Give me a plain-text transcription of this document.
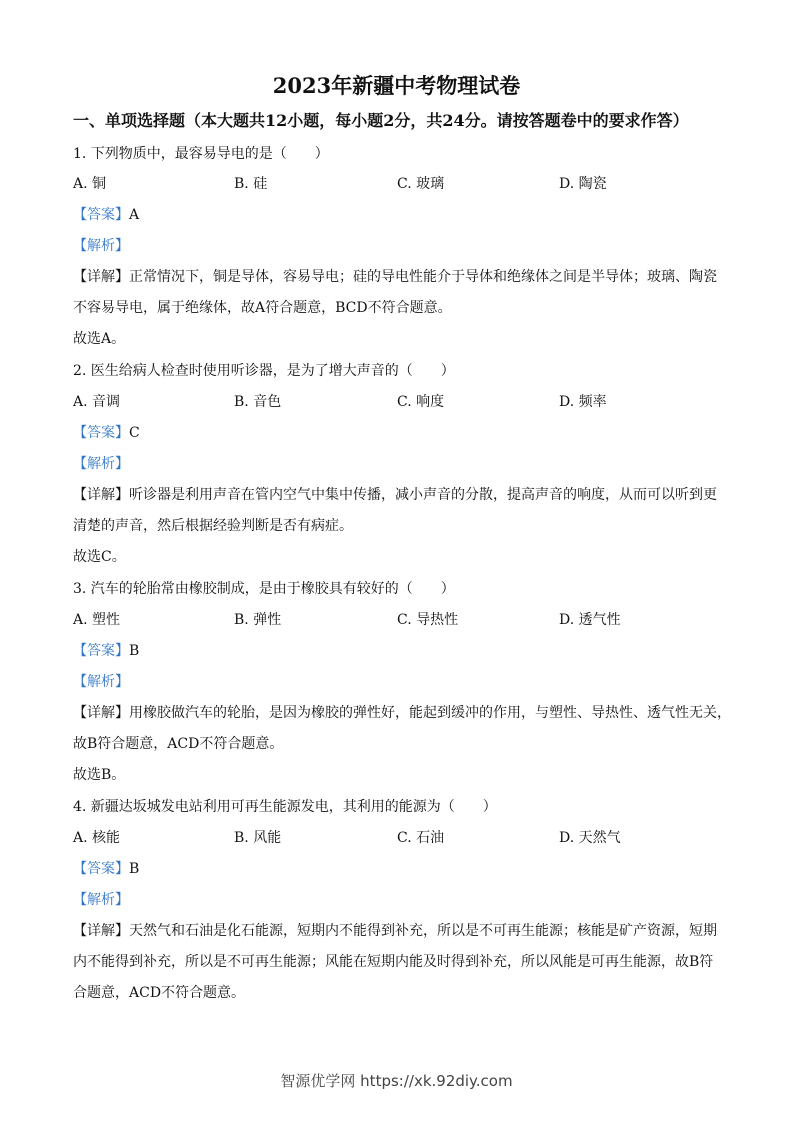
2023年新疆中考物理试卷
一、单项选择题（本大题共12小题，每小题2分，共24分。请按答题卷中的要求作答）
1. 下列物质中，最容易导电的是（　　）
A. 铜	B. 硅	C. 玻璃	D. 陶瓷
【答案】A
【解析】
【详解】正常情况下，铜是导体，容易导电；硅的导电性能介于导体和绝缘体之间是半导体；玻璃、陶瓷
不容易导电，属于绝缘体，故A符合题意，BCD不符合题意。
故选A。
2. 医生给病人检查时使用听诊器，是为了增大声音的（　　）
A. 音调	B. 音色	C. 响度	D. 频率
【答案】C
【解析】
【详解】听诊器是利用声音在管内空气中集中传播，减小声音的分散，提高声音的响度，从而可以听到更
清楚的声音，然后根据经验判断是否有病症。
故选C。
3. 汽车的轮胎常由橡胶制成，是由于橡胶具有较好的（　　）
A. 塑性	B. 弹性	C. 导热性	D. 透气性
【答案】B
【解析】
【详解】用橡胶做汽车的轮胎，是因为橡胶的弹性好，能起到缓冲的作用，与塑性、导热性、透气性无关，
故B符合题意，ACD不符合题意。
故选B。
4. 新疆达坂城发电站利用可再生能源发电，其利用的能源为（　　）
A. 核能	B. 风能	C. 石油	D. 天然气
【答案】B
【解析】
【详解】天然气和石油是化石能源，短期内不能得到补充，所以是不可再生能源；核能是矿产资源，短期
内不能得到补充，所以是不可再生能源；风能在短期内能及时得到补充，所以风能是可再生能源，故B符
合题意，ACD不符合题意。
智源优学网 https://xk.92diy.com
